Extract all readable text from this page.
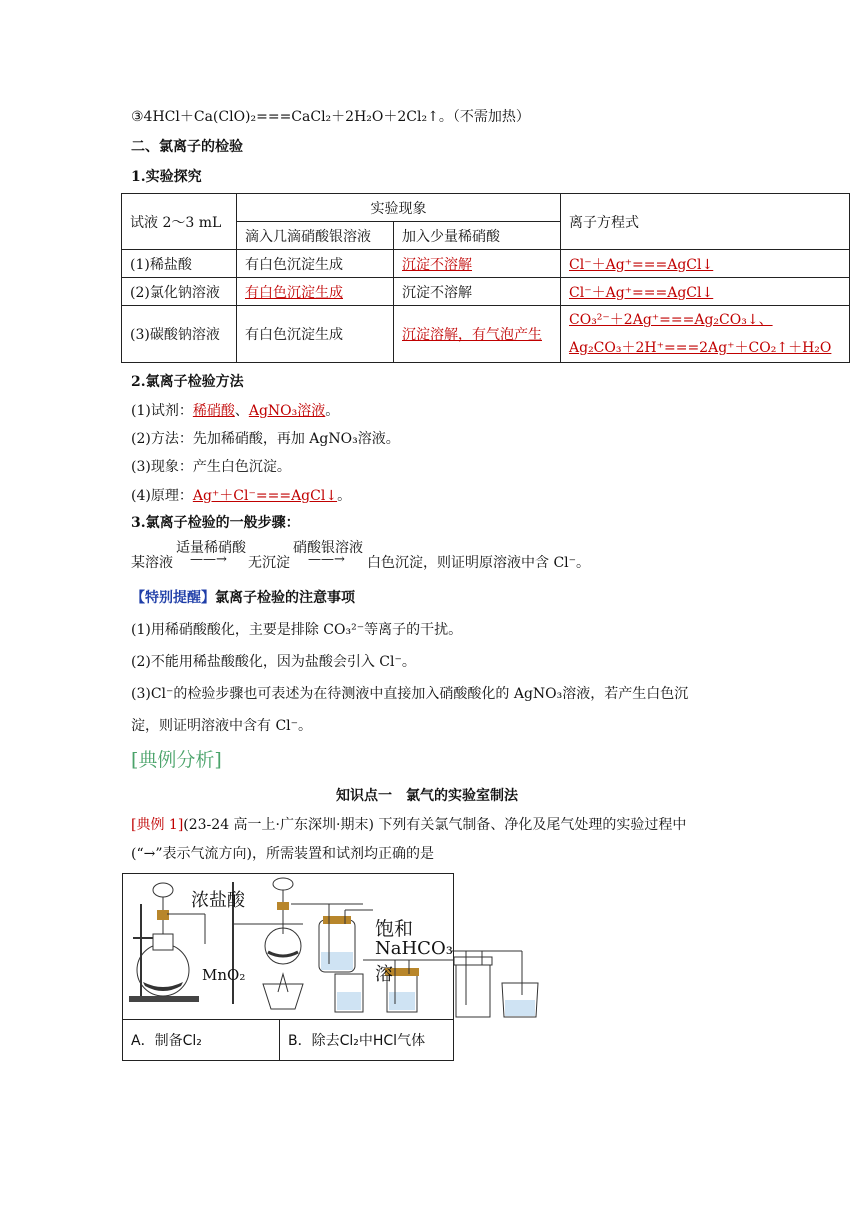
③4HCl＋Ca(ClO)₂===CaCl₂＋2H₂O＋2Cl₂↑。（不需加热）
二、氯离子的检验
1.实验探究
试液 2～3 mL	实验现象		离子方程式
	滴入几滴硝酸银溶液	加入少量稀硝酸	
(1)稀盐酸	有白色沉淀生成	沉淀不溶解	Cl⁻＋Ag⁺===AgCl↓
(2)氯化钠溶液	有白色沉淀生成	沉淀不溶解	Cl⁻＋Ag⁺===AgCl↓
(3)碳酸钠溶液	有白色沉淀生成	沉淀溶解，有气泡产生	CO₃²⁻＋2Ag⁺===Ag₂CO₃↓、
Ag₂CO₃＋2H⁺===2Ag⁺＋CO₂↑＋H₂O
2.氯离子检验方法
(1)试剂：稀硝酸、AgNO₃溶液。
(2)方法：先加稀硝酸，再加 AgNO₃溶液。
(3)现象：产生白色沉淀。
(4)原理：Ag⁺＋Cl⁻===AgCl↓。
3.氯离子检验的一般步骤：
适量稀硝酸	硝酸银溶液
某溶液 ——→ 无沉淀 ——→ 白色沉淀，则证明原溶液中含 Cl⁻。
【特别提醒】氯离子检验的注意事项
(1)用稀硝酸酸化，主要是排除 CO₃²⁻等离子的干扰。
(2)不能用稀盐酸酸化，因为盐酸会引入 Cl⁻。
(3)Cl⁻的检验步骤也可表述为在待测液中直接加入硝酸酸化的 AgNO₃溶液，若产生白色沉
淀，则证明溶液中含有 Cl⁻。
[典例分析]
知识点一　氯气的实验室制法
[典例 1](23-24 高一上·广东深圳·期末) 下列有关氯气制备、净化及尾气处理的实验过程中
(“→”表示气流方向)，所需装置和试剂均正确的是
浓盐酸
MnO₂
饱和
NaHCO₃
溶
A．制备Cl₂	B．除去Cl₂中HCl气体
